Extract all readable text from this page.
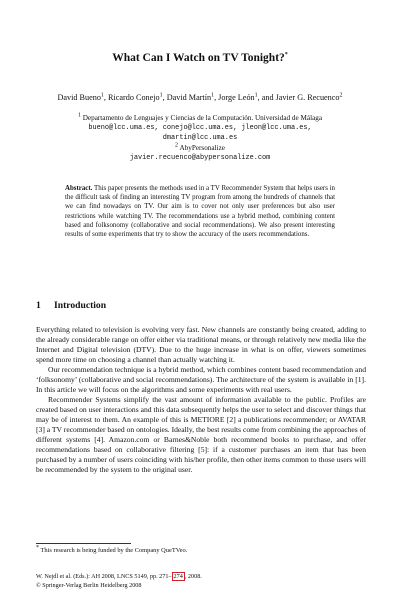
What Can I Watch on TV Tonight?*
David Bueno$^1$, Ricardo Conejo$^1$, David Martín$^1$, Jorge León$^1$, and Javier G. Recuenco$^2$
$^1$ Departamento de Lenguajes y Ciencias de la Computación. Universidad de Málaga
bueno@lcc.uma.es, conejo@lcc.uma.es, jleon@lcc.uma.es,
dmartin@lcc.uma.es
$^2$ AbyPersonalize
javier.recuenco@abypersonalize.com
Abstract. This paper presents the methods used in a TV Recommender System that helps users in the difficult task of finding an interesting TV program from among the hundreds of channels that we can find nowadays on TV. Our aim is to cover not only user preferences but also user restrictions while watching TV. The recommendations use a hybrid method, combining content based and folksonomy (collaborative and social recommendations). We also present interesting results of some experiments that try to show the accuracy of the users recommendations.
1 Introduction

Everything related to television is evolving very fast. New channels are constantly being created, adding to the already considerable range on offer either via traditional means, or through relatively new media like the Internet and Digital television (DTV). Due to the huge increase in what is on offer, viewers sometimes spend more time on choosing a channel than actually watching it.

Our recommendation technique is a hybrid method, which combines content based recommendation and ‘folksonomy’ (collaborative and social recommendations). The architecture of the system is available in [1]. In this article we will focus on the algorithms and some experiments with real users.

Recommender Systems simplify the vast amount of information available to the public. Profiles are created based on user interactions and this data subsequently helps the user to select and discover things that may be of interest to them. An example of this is METIORE [2] a publications recommender; or AVATAR [3] a TV recommender based on ontologies. Ideally, the best results come from combining the approaches of different systems [4]. Amazon.com or Barnes&Noble both recommend books to purchase, and offer recommendations based on collaborative filtering [5]: if a customer purchases an item that has been purchased by a number of users coinciding with his/her profile, then other items common to those users will be recommended by the system to the original user.

* This research is being funded by the Company QueTVeo.
W. Nejdl et al. (Eds.): AH 2008, LNCS 5149, pp. 271– 274 , 2008.
© Springer-Verlag Berlin Heidelberg 2008
